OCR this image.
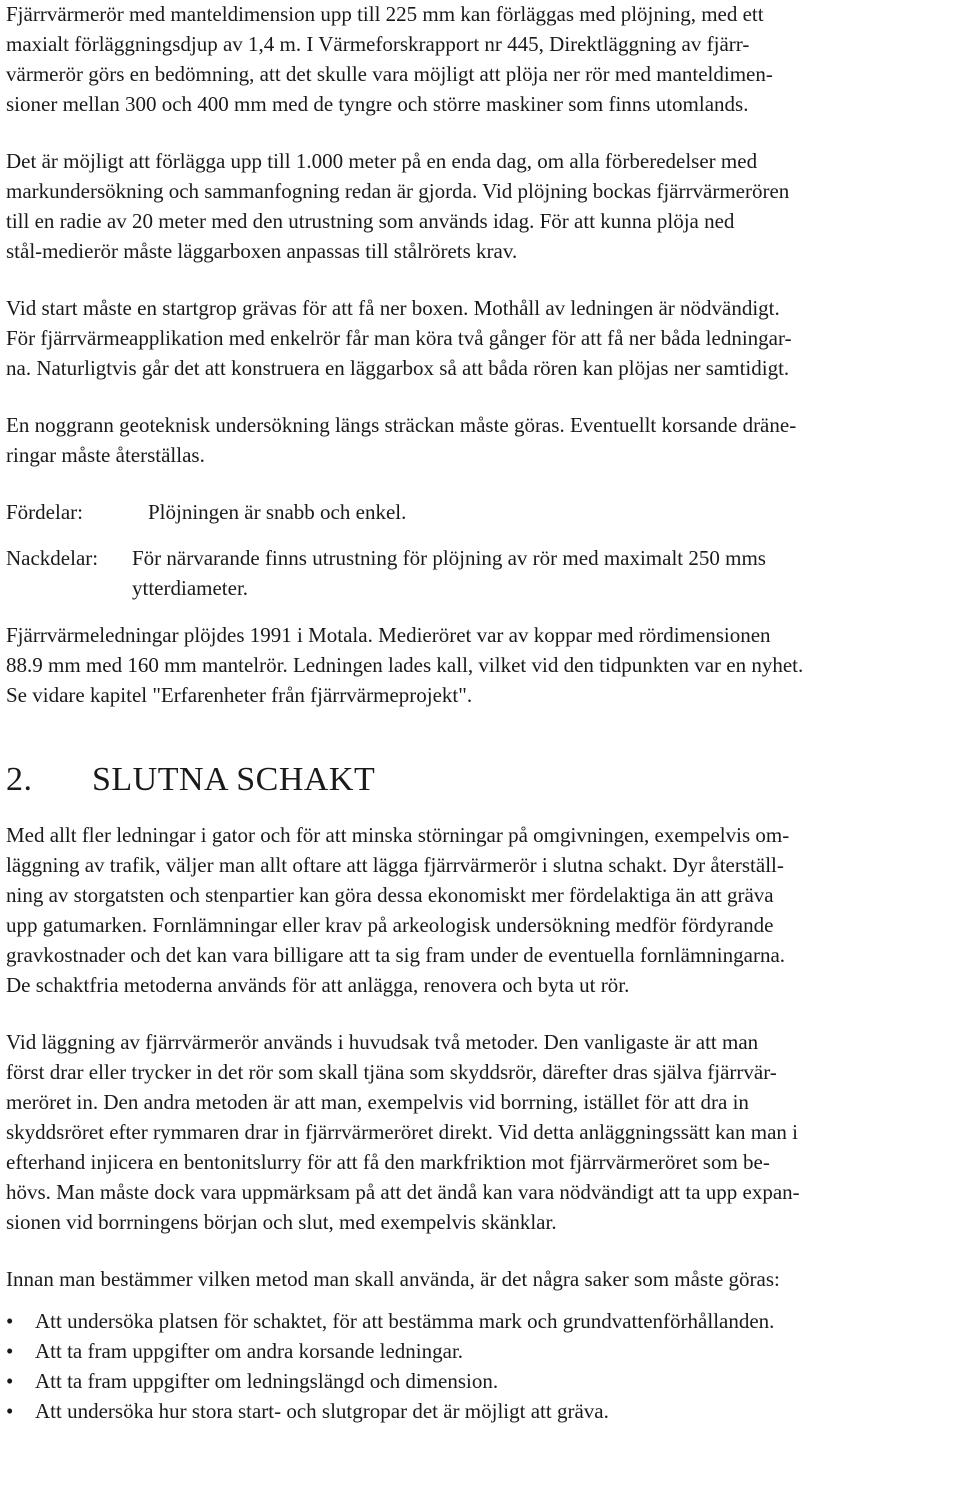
Fjärrvärmerör med manteldimension upp till 225 mm kan förläggas med plöjning, med ett
maxialt förläggningsdjup av 1,4 m. I Värmeforskrapport nr 445, Direktläggning av fjärr-
värmerör görs en bedömning, att det skulle vara möjligt att plöja ner rör med manteldimen-
sioner mellan 300 och 400 mm med de tyngre och större maskiner som finns utomlands.
Det är möjligt att förlägga upp till 1.000 meter på en enda dag, om alla förberedelser med
markundersökning och sammanfogning redan är gjorda. Vid plöjning bockas fjärrvärmerören
till en radie av 20 meter med den utrustning som används idag. För att kunna plöja ned
stål-medierör måste läggarboxen anpassas till stålrörets krav.
Vid start måste en startgrop grävas för att få ner boxen. Mothåll av ledningen är nödvändigt.
För fjärrvärmeapplikation med enkelrör får man köra två gånger för att få ner båda ledningar-
na. Naturligtvis går det att konstruera en läggarbox så att båda rören kan plöjas ner samtidigt.
En noggrann geoteknisk undersökning längs sträckan måste göras. Eventuellt korsande dräne-
ringar måste återställas.
Fördelar:	Plöjningen är snabb och enkel.
Nackdelar: För närvarande finns utrustning för plöjning av rör med maximalt 250 mms
ytterdiameter.
Fjärrvärmeledningar plöjdes 1991 i Motala. Medieröret var av koppar med rördimensionen
88.9 mm med 160 mm mantelrör. Ledningen lades kall, vilket vid den tidpunkten var en nyhet.
Se vidare kapitel "Erfarenheter från fjärrvärmeprojekt".
2. SLUTNA SCHAKT
Med allt fler ledningar i gator och för att minska störningar på omgivningen, exempelvis om-
läggning av trafik, väljer man allt oftare att lägga fjärrvärmerör i slutna schakt. Dyr återställ-
ning av storgatsten och stenpartier kan göra dessa ekonomiskt mer fördelaktiga än att gräva
upp gatumarken. Fornlämningar eller krav på arkeologisk undersökning medför fördyrande
gravkostnader och det kan vara billigare att ta sig fram under de eventuella fornlämningarna.
De schaktfria metoderna används för att anlägga, renovera och byta ut rör.
Vid läggning av fjärrvärmerör används i huvudsak två metoder. Den vanligaste är att man
först drar eller trycker in det rör som skall tjäna som skyddsrör, därefter dras själva fjärrvär-
meröret in. Den andra metoden är att man, exempelvis vid borrning, istället för att dra in
skyddsröret efter rymmaren drar in fjärrvärmeröret direkt. Vid detta anläggningssätt kan man i
efterhand injicera en bentonitslurry för att få den markfriktion mot fjärrvärmeröret som be-
hövs. Man måste dock vara uppmärksam på att det ändå kan vara nödvändigt att ta upp expan-
sionen vid borrningens början och slut, med exempelvis skänklar.
Innan man bestämmer vilken metod man skall använda, är det några saker som måste göras:
• Att undersöka platsen för schaktet, för att bestämma mark och grundvattenförhållanden.
• Att ta fram uppgifter om andra korsande ledningar.
• Att ta fram uppgifter om ledningslängd och dimension.
• Att undersöka hur stora start- och slutgropar det är möjligt att gräva.
